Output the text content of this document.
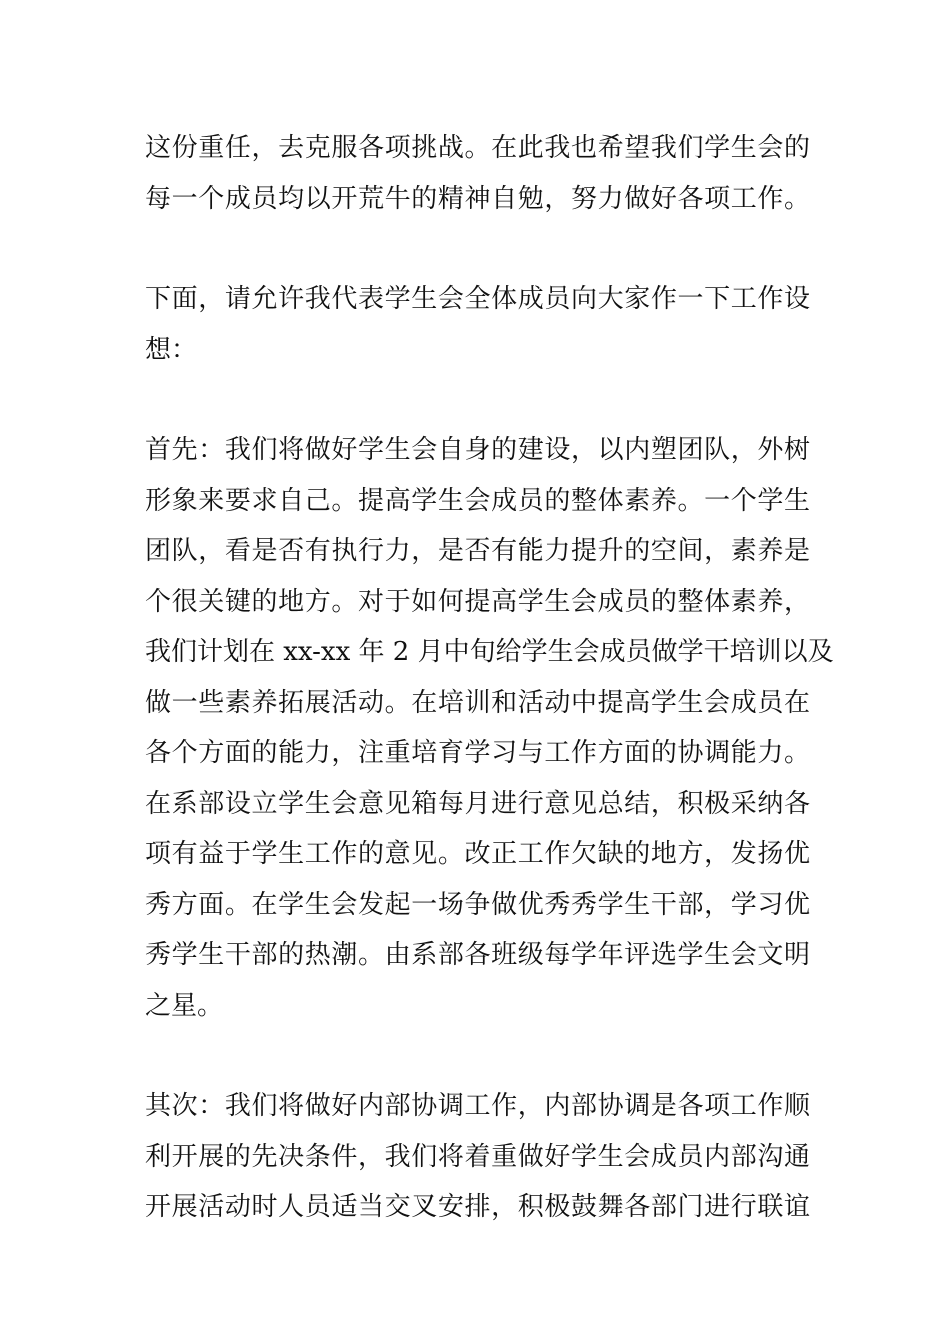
这份重任，去克服各项挑战。在此我也希望我们学生会的
每一个成员均以开荒牛的精神自勉，努力做好各项工作。
下面，请允许我代表学生会全体成员向大家作一下工作设
想：
首先：我们将做好学生会自身的建设，以内塑团队，外树
形象来要求自己。提高学生会成员的整体素养。一个学生
团队，看是否有执行力，是否有能力提升的空间，素养是
个很关键的地方。对于如何提高学生会成员的整体素养，
我们计划在 xx-xx 年 2 月中旬给学生会成员做学干培训以及
做一些素养拓展活动。在培训和活动中提高学生会成员在
各个方面的能力，注重培育学习与工作方面的协调能力。
在系部设立学生会意见箱每月进行意见总结，积极采纳各
项有益于学生工作的意见。改正工作欠缺的地方，发扬优
秀方面。在学生会发起一场争做优秀秀学生干部，学习优
秀学生干部的热潮。由系部各班级每学年评选学生会文明
之星。
其次：我们将做好内部协调工作，内部协调是各项工作顺
利开展的先决条件，我们将着重做好学生会成员内部沟通
开展活动时人员适当交叉安排，积极鼓舞各部门进行联谊
